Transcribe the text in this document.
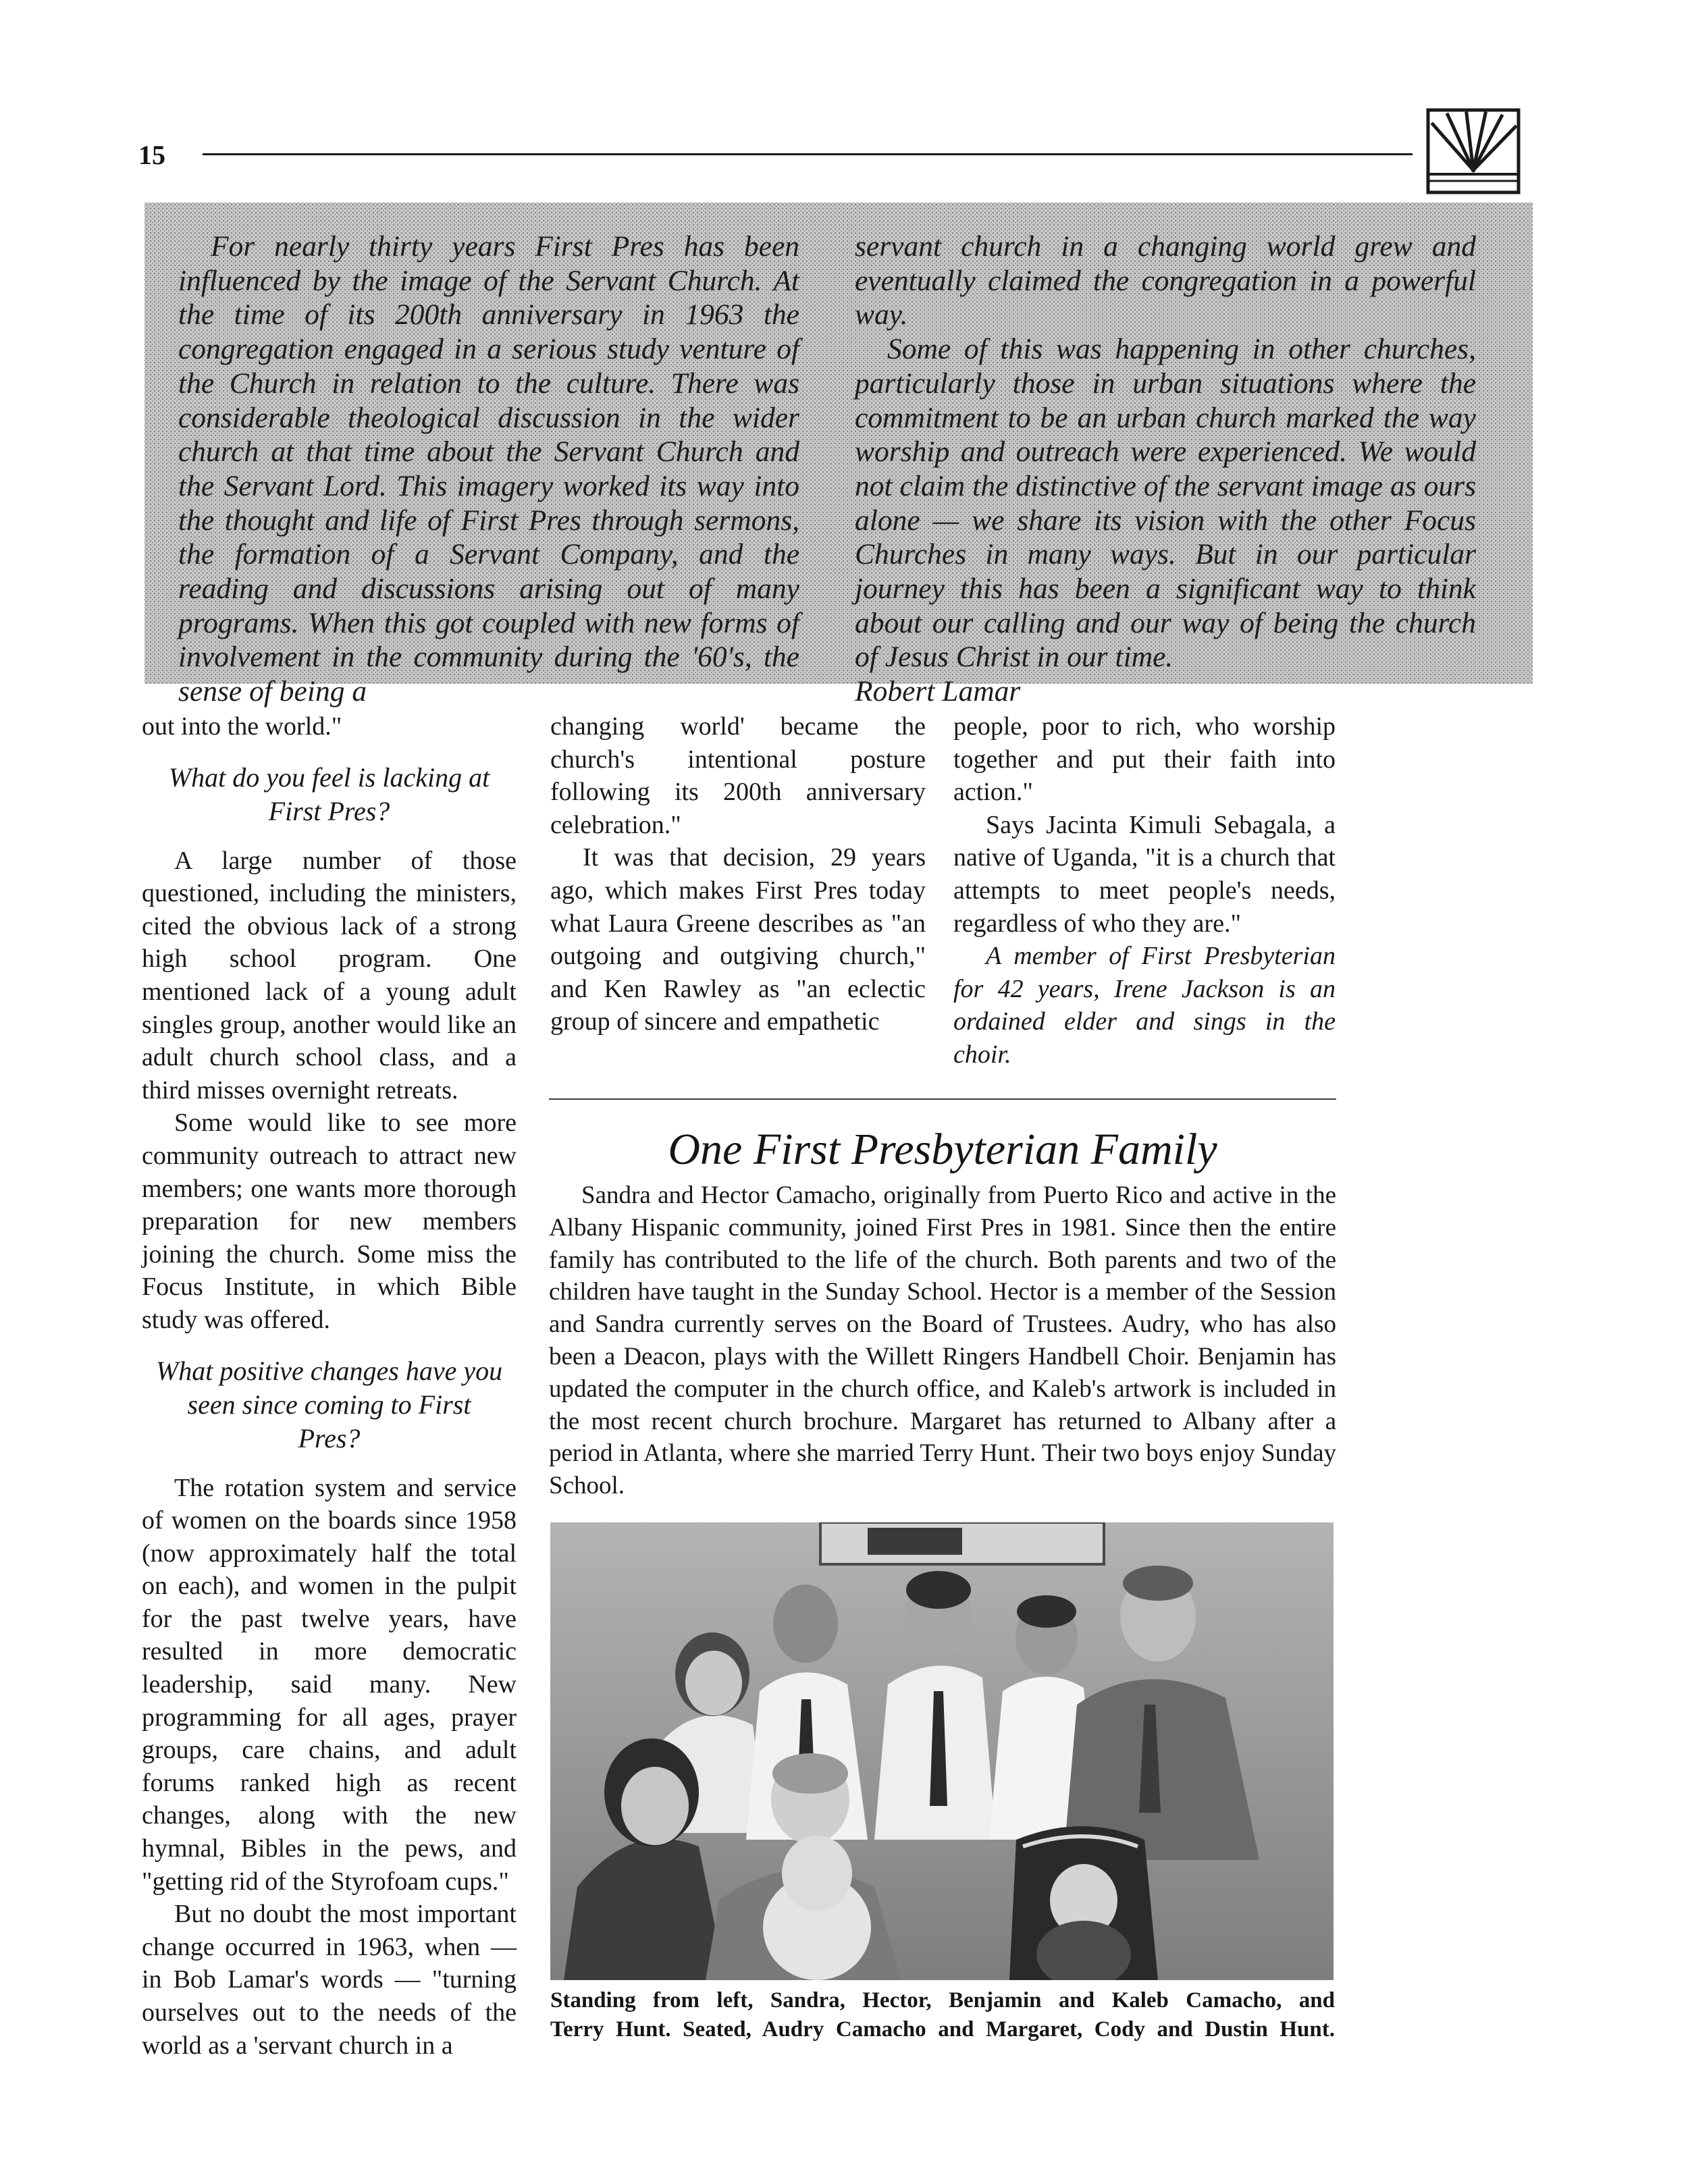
15

For nearly thirty years First Pres has been influenced by the image of the Servant Church. At the time of its 200th anniversary in 1963 the congregation engaged in a serious study venture of the Church in relation to the culture. There was considerable theological discussion in the wider church at that time about the Servant Church and the Servant Lord. This imagery worked its way into the thought and life of First Pres through sermons, the formation of a Servant Company, and the reading and discussions arising out of many programs. When this got coupled with new forms of involvement in the community during the '60's, the sense of being a

servant church in a changing world grew and eventually claimed the congregation in a powerful way.

Some of this was happening in other churches, particularly those in urban situations where the commitment to be an urban church marked the way worship and outreach were experienced. We would not claim the distinctive of the servant image as ours alone — we share its vision with the other Focus Churches in many ways. But in our particular journey this has been a significant way to think about our calling and our way of being the church of Jesus Christ in our time.

Robert Lamar

out into the world."

What do you feel is lacking at First Pres?

A large number of those questioned, including the ministers, cited the obvious lack of a strong high school program. One mentioned lack of a young adult singles group, another would like an adult church school class, and a third misses overnight retreats.

Some would like to see more community outreach to attract new members; one wants more thorough preparation for new members joining the church. Some miss the Focus Institute, in which Bible study was offered.

What positive changes have you seen since coming to First Pres?

The rotation system and service of women on the boards since 1958 (now approximately half the total on each), and women in the pulpit for the past twelve years, have resulted in more democratic leadership, said many. New programming for all ages, prayer groups, care chains, and adult forums ranked high as recent changes, along with the new hymnal, Bibles in the pews, and "getting rid of the Styrofoam cups."

But no doubt the most important change occurred in 1963, when — in Bob Lamar's words — "turning ourselves out to the needs of the world as a 'servant church in a

changing world' became the church's intentional posture following its 200th anniversary celebration."

It was that decision, 29 years ago, which makes First Pres today what Laura Greene describes as "an outgoing and outgiving church," and Ken Rawley as "an eclectic group of sincere and empathetic

people, poor to rich, who worship together and put their faith into action."

Says Jacinta Kimuli Sebagala, a native of Uganda, "it is a church that attempts to meet people's needs, regardless of who they are."

A member of First Presbyterian for 42 years, Irene Jackson is an ordained elder and sings in the choir.

One First Presbyterian Family

Sandra and Hector Camacho, originally from Puerto Rico and active in the Albany Hispanic community, joined First Pres in 1981. Since then the entire family has contributed to the life of the church. Both parents and two of the children have taught in the Sunday School. Hector is a member of the Session and Sandra currently serves on the Board of Trustees. Audry, who has also been a Deacon, plays with the Willett Ringers Handbell Choir. Benjamin has updated the computer in the church office, and Kaleb's artwork is included in the most recent church brochure. Margaret has returned to Albany after a period in Atlanta, where she married Terry Hunt. Their two boys enjoy Sunday School.

Standing from left, Sandra, Hector, Benjamin and Kaleb Camacho, and
Terry Hunt. Seated, Audry Camacho and Margaret, Cody and Dustin Hunt.
